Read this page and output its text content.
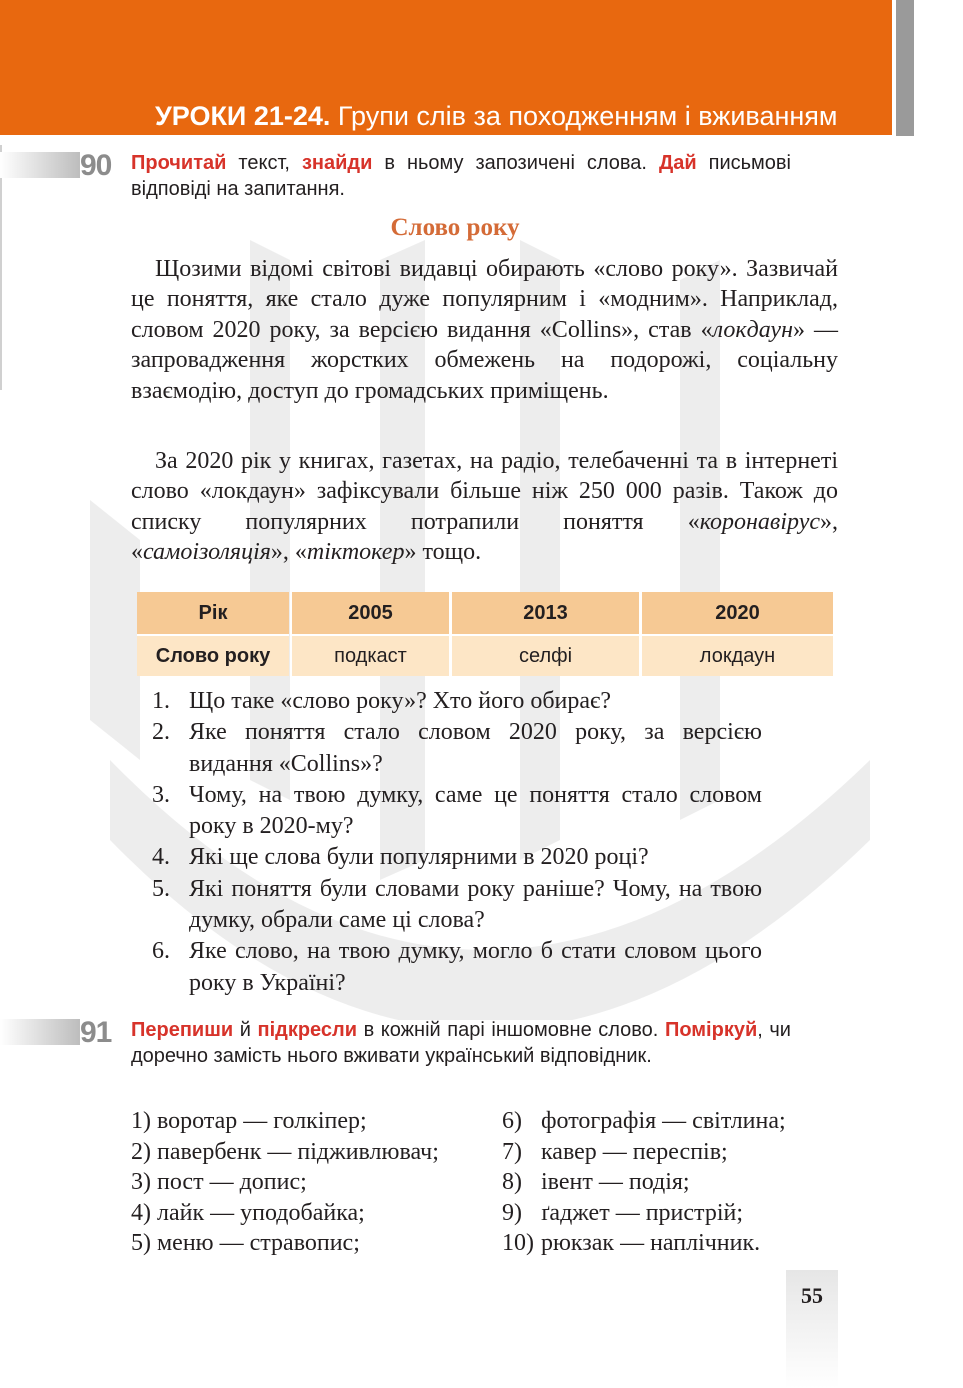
УРОКИ 21-24. Групи слів за походженням і вживанням
90 Прочитай текст, знайди в ньому запозичені слова. Дай письмові відповіді на запитання.
Слово року

Щозими відомі світові видавці обирають «слово року». Зазвичай це поняття, яке стало дуже популярним і «модним». Наприклад, словом 2020 року, за версією видання «Collins», став «локдаун» — запровадження жорстких обмежень на подорожі, соціальну взаємодію, доступ до громадських приміщень.

За 2020 рік у книгах, газетах, на радіо, телебаченні та в інтернеті слово «локдаун» зафіксували більше ніж 250 000 разів. Також до списку популярних потрапили поняття «коронавірус», «самоізоляція», «тіктокер» тощо.

Рік	2005	2013	2020
Слово року	подкаст	селфі	локдаун
1. Що таке «слово року»? Хто його обирає?
2. Яке поняття стало словом 2020 року, за версією видання «Collins»?
3. Чому, на твою думку, саме це поняття стало словом року в 2020-му?
4. Які ще слова були популярними в 2020 році?
5. Які поняття були словами року раніше? Чому, на твою думку, обрали саме ці слова?
6. Яке слово, на твою думку, могло б стати словом цього року в Україні?
91 Перепиши й підкресли в кожній парі іншомовне слово. Поміркуй, чи доречно замість нього вживати український відповідник.
1) воротар — голкіпер;
2) павербенк — підживлювач;
3) пост — допис;
4) лайк — уподобайка;
5) меню — стравопис;
6) фотографія — світлина;
7) кавер — переспів;
8) івент — подія;
9) ґаджет — пристрій;
10) рюкзак — наплічник.
55
